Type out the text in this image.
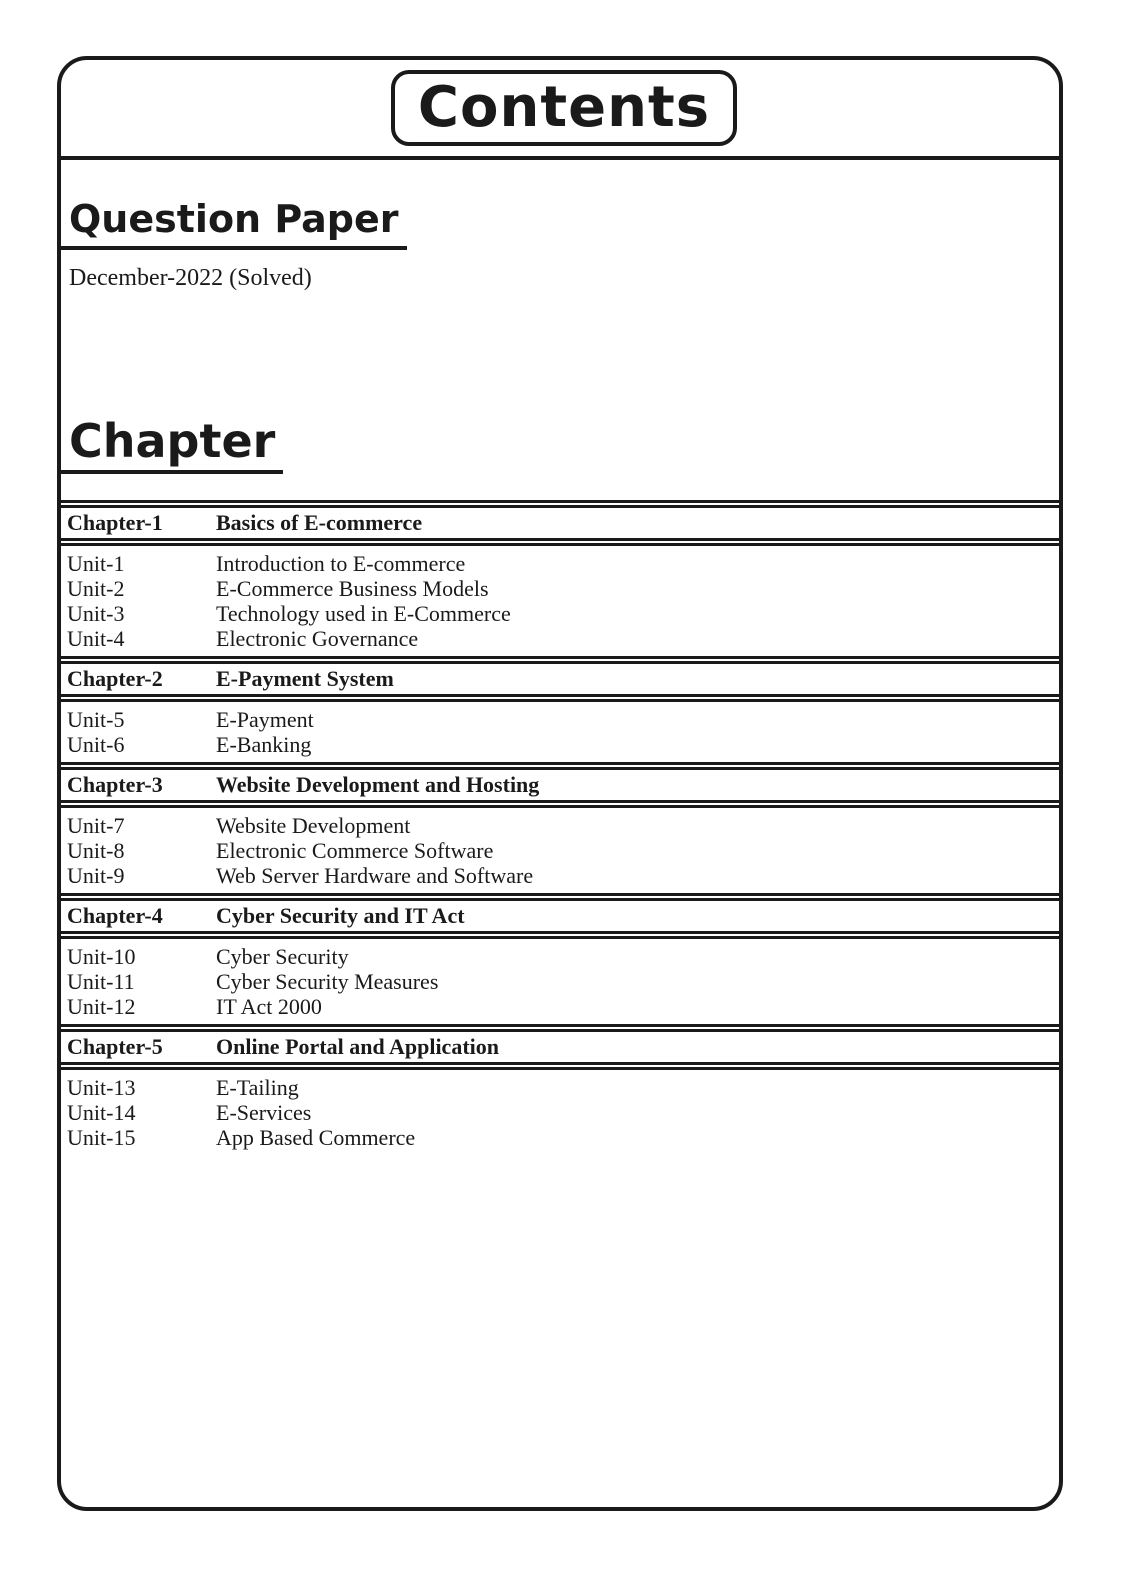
Contents
Question Paper
December-2022 (Solved)
Chapter
Chapter-1	Basics of E-commerce
Unit-1	Introduction to E-commerce
Unit-2	E-Commerce Business Models
Unit-3	Technology used in E-Commerce
Unit-4	Electronic Governance
Chapter-2	E-Payment System
Unit-5	E-Payment
Unit-6	E-Banking
Chapter-3	Website Development and Hosting
Unit-7	Website Development
Unit-8	Electronic Commerce Software
Unit-9	Web Server Hardware and Software
Chapter-4	Cyber Security and IT Act
Unit-10	Cyber Security
Unit-11	Cyber Security Measures
Unit-12	IT Act 2000
Chapter-5	Online Portal and Application
Unit-13	E-Tailing
Unit-14	E-Services
Unit-15	App Based Commerce
